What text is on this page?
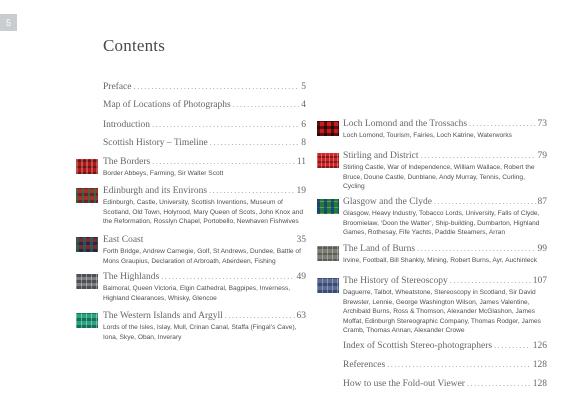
5
Contents
Preface .....	5
Map of Locations of Photographs .....	4
Introduction .....	6
Scottish History – Timeline .....	8
The Borders .....	11
Border Abbeys, Farming, Sir Walter Scott
Edinburgh and its Environs .....	19
Edinburgh, Castle, University, Scottish Inventions, Museum of Scotland, Old Town, Holyrood, Mary Queen of Scots, John Knox and the Reformation, Rosslyn Chapel, Portobello, Newhaven Fishwives
East Coast	35
Forth Bridge, Andrew Carnegie, Golf, St Andrews, Dundee, Battle of Mons Graupius, Declaration of Arbroath, Aberdeen, Fishing
The Highlands .....	49
Balmoral, Queen Victoria, Elgin Cathedral, Bagpipes, Inverness, Highland Clearances, Whisky, Glencoe
The Western Islands and Argyll .....	63
Lords of the Isles, Islay, Mull, Crinan Canal, Staffa (Fingal’s Cave), Iona, Skye, Oban, Inverary
Loch Lomond and the Trossachs .....	73
Loch Lomond, Tourism, Fairies, Loch Katrine, Waterworks
Stirling and District .....	79
Stirling Castle, War of Independence, William Wallace, Robert the Bruce, Doune Castle, Dunblane, Andy Murray, Tennis, Curling, Cycling
Glasgow and the Clyde .....	87
Glasgow, Heavy Industry, Tobacco Lords, University, Falls of Clyde, Broomielaw, ‘Doon the Watter’, Ship-building, Dumbarton, Highland Games, Rothesay, Fife Yachts, Paddle Steamers, Arran
The Land of Burns .....	99
Irvine, Football, Bill Shankly, Mining, Robert Burns, Ayr, Auchinleck
The History of Stereoscopy .....	107
Daguerre, Talbot, Wheatstone, Stereoscopy in Scotland, Sir David Brewster, Lennie, George Washington Wilson, James Valentine, Archibald Burns, Ross & Thomson, Alexander McGlashon, James Moffat, Edinburgh Stereographic Company, Thomas Rodger, James Cramb, Thomas Annan, Alexander Crowe
Index of Scottish Stereo-photographers .....	126
References .....	128
How to use the Fold-out Viewer .....	128
